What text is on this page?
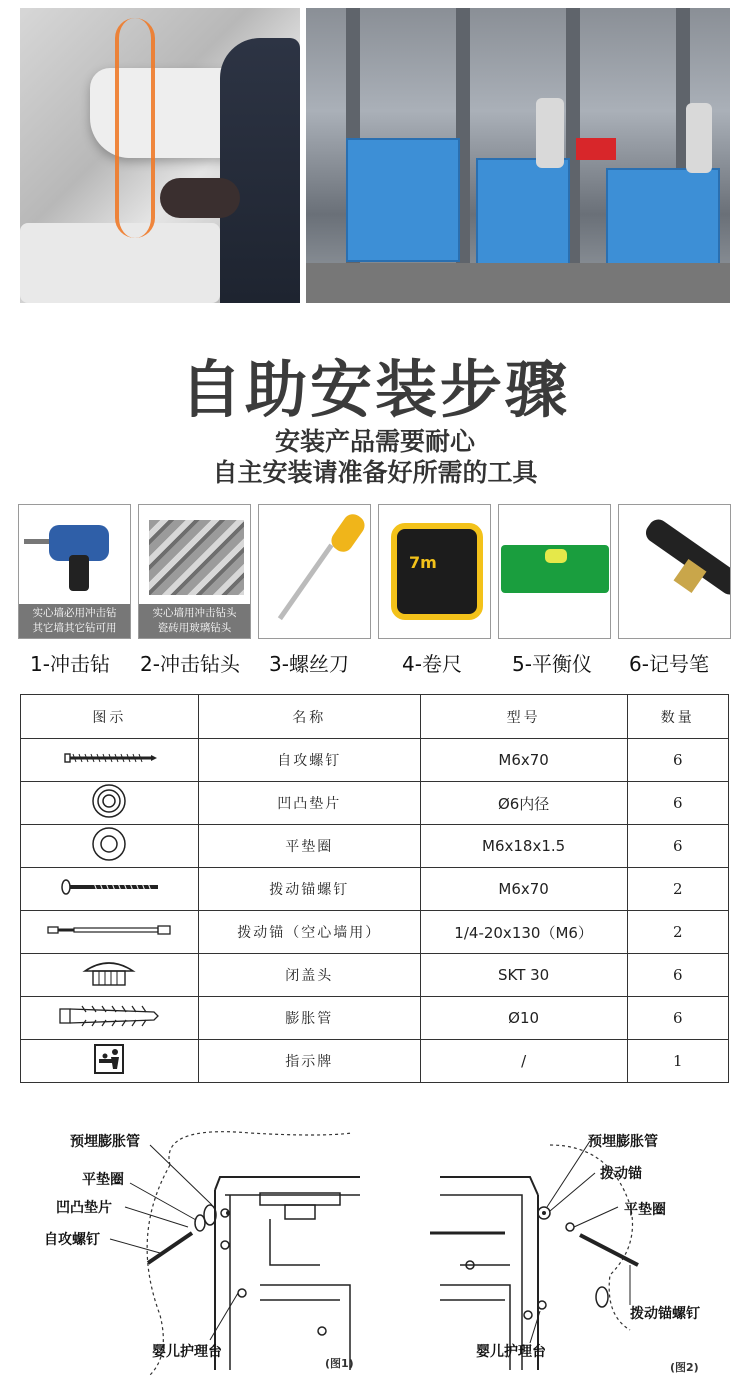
自助安装步骤
安装产品需要耐心
自主安装请准备好所需的工具
实心墙必用冲击钻
其它墙其它钻可用
实心墙用冲击钻头
瓷砖用玻璃钻头
7m
1-冲击钻 2-冲击钻头 3-螺丝刀	4-卷尺	5-平衡仪 6-记号笔
图示	名称	型号	数量
	自攻螺钉	M6x70	6
	凹凸垫片	Ø6内径	6
	平垫圈	M6x18x1.5	6
	拨动锚螺钉	M6x70	2
	拨动锚（空心墙用）	1/4-20x130（M6）	2
	闭盖头	SKT 30	6
	膨胀管	Ø10	6
	指示牌	/	1
预埋膨胀管
平垫圈
凹凸垫片
自攻螺钉
婴儿护理台
(图1)
预埋膨胀管
拨动锚
平垫圈
拨动锚螺钉
婴儿护理台
(图2)
